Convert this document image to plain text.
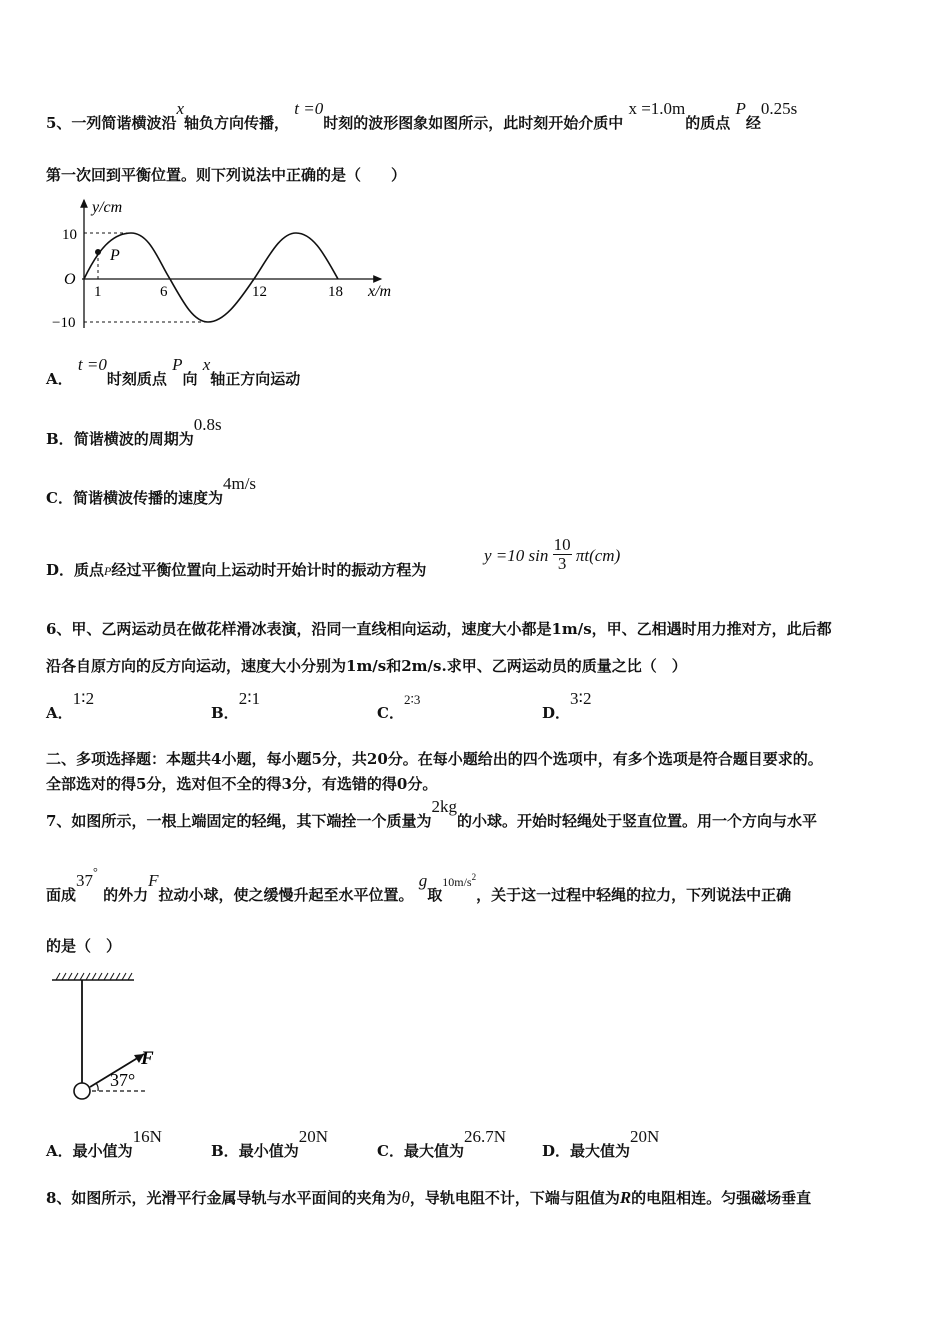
5、一列简谐横波沿x轴负方向传播， t =0时刻的波形图象如图所示，此时刻开始介质中 x =1.0m的质点 P经0.25s
第一次回到平衡位置。则下列说法中正确的是（　　）
y/cm
x/m
O
10
−10
P
1	6	12	18
A． t =0时刻质点 P向 x轴正方向运动
B．简谐横波的周期为0.8s
C．简谐横波传播的速度为4m/s
D．质点P经过平衡位置向上运动时开始计时的振动方程为
y =10 $\sin \frac{10}{3} \pi t(cm)$
6、甲、乙两运动员在做花样滑冰表演，沿同一直线相向运动，速度大小都是1m/s，甲、乙相遇时用力推对方，此后都
沿各自原方向的反方向运动，速度大小分别为1m/s和2m/s.求甲、乙两运动员的质量之比（　）
A．1∶2
B．2∶1
C．2∶3
D．3∶2
二、多项选择题：本题共4小题，每小题5分，共20分。在每小题给出的四个选项中，有多个选项是符合题目要求的。
全部选对的得5分，选对但不全的得3分，有选错的得0分。
7、如图所示，一根上端固定的轻绳，其下端拴一个质量为2kg的小球。开始时轻绳处于竖直位置。用一个方向与水平
面成37° 的外力F拉动小球，使之缓慢升起至水平位置。 g取$^{10m/s2}$，关于这一过程中轻绳的拉力，下列说法中正确
的是（　）
F
37°
A．最小值为16N
B．最小值为20N
C．最大值为26.7N
D．最大值为20N
8、如图所示，光滑平行金属导轨与水平面间的夹角为θ，导轨电阻不计，下端与阻值为R的电阻相连。匀强磁场垂直
